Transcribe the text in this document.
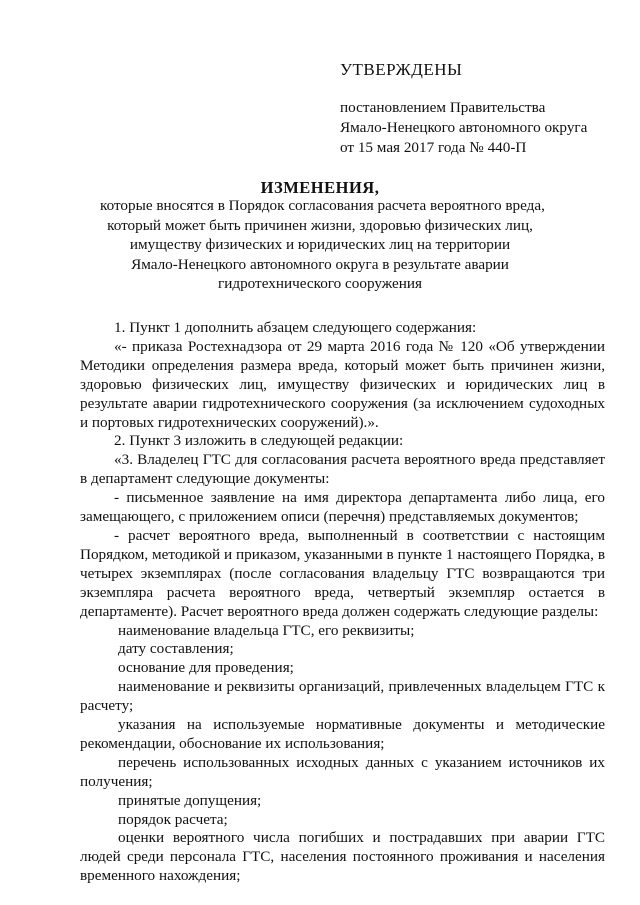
УТВЕРЖДЕНЫ
постановлением Правительства
Ямало-Ненецкого автономного округа
от 15 мая 2017 года № 440-П
ИЗМЕНЕНИЯ,
которые вносятся в Порядок согласования расчета вероятного вреда,
который может быть причинен жизни, здоровью физических лиц,
имуществу физических и юридических лиц на территории
Ямало-Ненецкого автономного округа в результате аварии
гидротехнического сооружения
1. Пункт 1 дополнить абзацем следующего содержания:
«- приказа Ростехнадзора от 29 марта 2016 года № 120 «Об утверждении Методики определения размера вреда, который может быть причинен жизни, здоровью физических лиц, имуществу физических и юридических лиц в результате аварии гидротехнического сооружения (за исключением судоходных и портовых гидротехнических сооружений).».
2. Пункт 3 изложить в следующей редакции:
«3. Владелец ГТС для согласования расчета вероятного вреда представляет в департамент следующие документы:
- письменное заявление на имя директора департамента либо лица, его замещающего, с приложением описи (перечня) представляемых документов;
- расчет вероятного вреда, выполненный в соответствии с настоящим Порядком, методикой и приказом, указанными в пункте 1 настоящего Порядка, в четырех экземплярах (после согласования владельцу ГТС возвращаются три экземпляра расчета вероятного вреда, четвертый экземпляр остается в департаменте). Расчет вероятного вреда должен содержать следующие разделы:
наименование владельца ГТС, его реквизиты;
дату составления;
основание для проведения;
наименование и реквизиты организаций, привлеченных владельцем ГТС к расчету;
указания на используемые нормативные документы и методические рекомендации, обоснование их использования;
перечень использованных исходных данных с указанием источников их получения;
принятые допущения;
порядок расчета;
оценки вероятного числа погибших и пострадавших при аварии ГТС людей среди персонала ГТС, населения постоянного проживания и населения временного нахождения;
